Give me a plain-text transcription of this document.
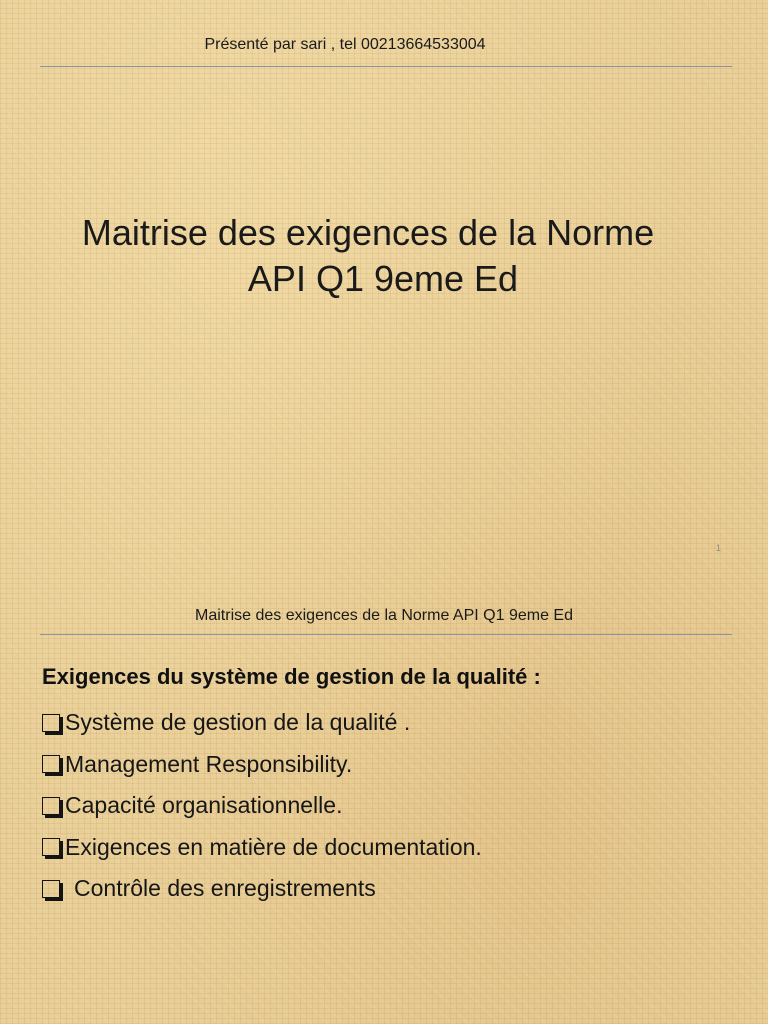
Présenté par sari , tel 00213664533004
Maitrise des exigences de la Norme
API Q1 9eme Ed
1
Maitrise des exigences de la Norme API Q1 9eme Ed
Exigences du système de gestion de la qualité :
Système de gestion de la qualité .
Management Responsibility.
Capacité organisationnelle.
Exigences en matière de documentation.
Contrôle des enregistrements
